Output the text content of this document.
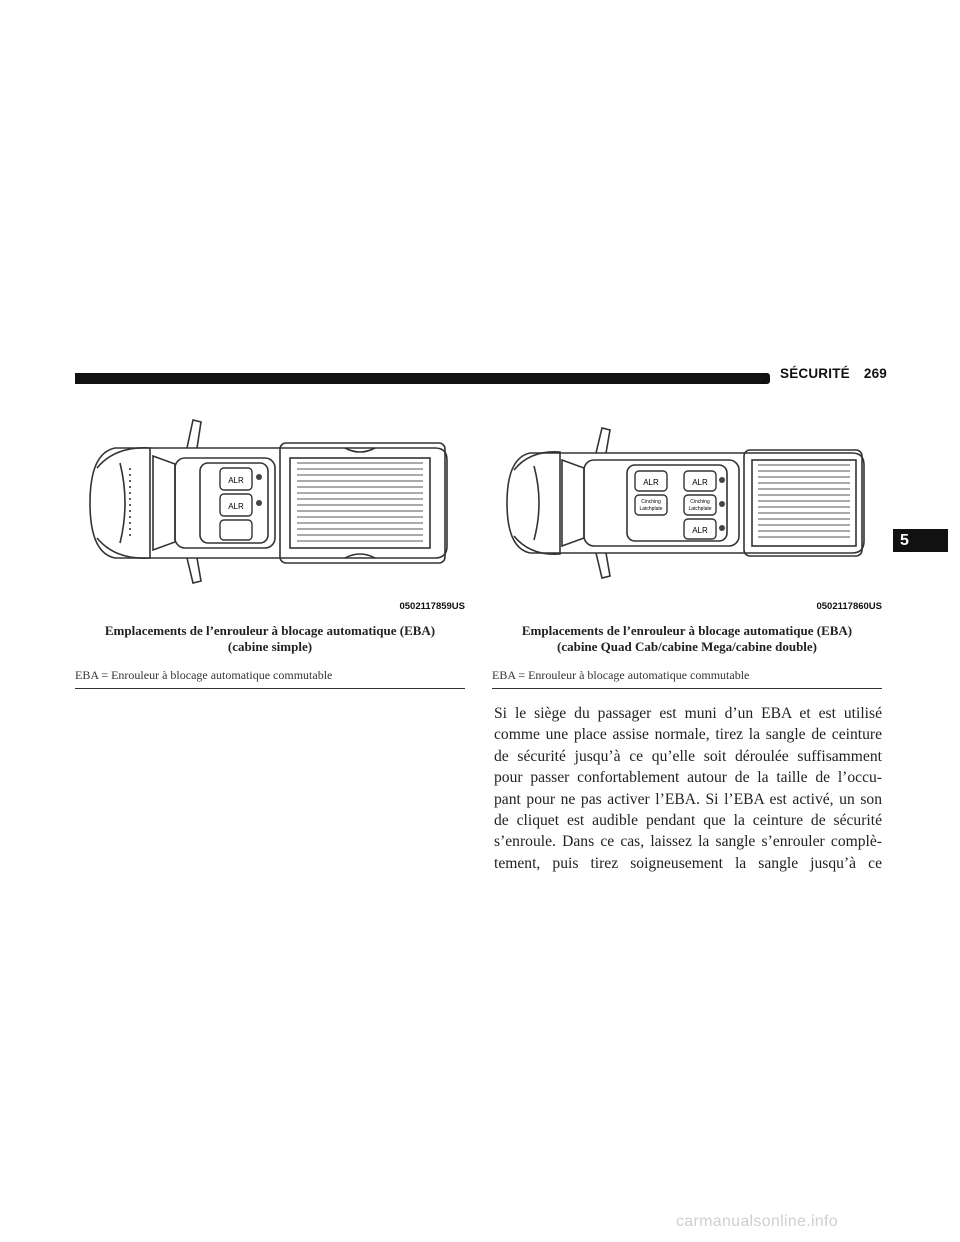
SÉCURITÉ 269
5
ALR
ALR
0502117859US
ALR	ALR
ALR
Cinching
Latchplate
Cinching
Latchplate
0502117860US
Emplacements de l’enrouleur à blocage automatique (EBA)
(cabine simple)
Emplacements de l’enrouleur à blocage automatique (EBA)
(cabine Quad Cab/cabine Mega/cabine double)
EBA = Enrouleur à blocage automatique commutable	EBA = Enrouleur à blocage automatique commutable
Si le siège du passager est muni d’un EBA et est utilisé
comme une place assise normale, tirez la sangle de ceinture
de sécurité jusqu’à ce qu’elle soit déroulée suffisamment
pour passer confortablement autour de la taille de l’occu-
pant pour ne pas activer l’EBA. Si l’EBA est activé, un son
de cliquet est audible pendant que la ceinture de sécurité
s’enroule. Dans ce cas, laissez la sangle s’enrouler complè-
tement, puis tirez soigneusement la sangle jusqu’à ce
carmanualsonline.info
